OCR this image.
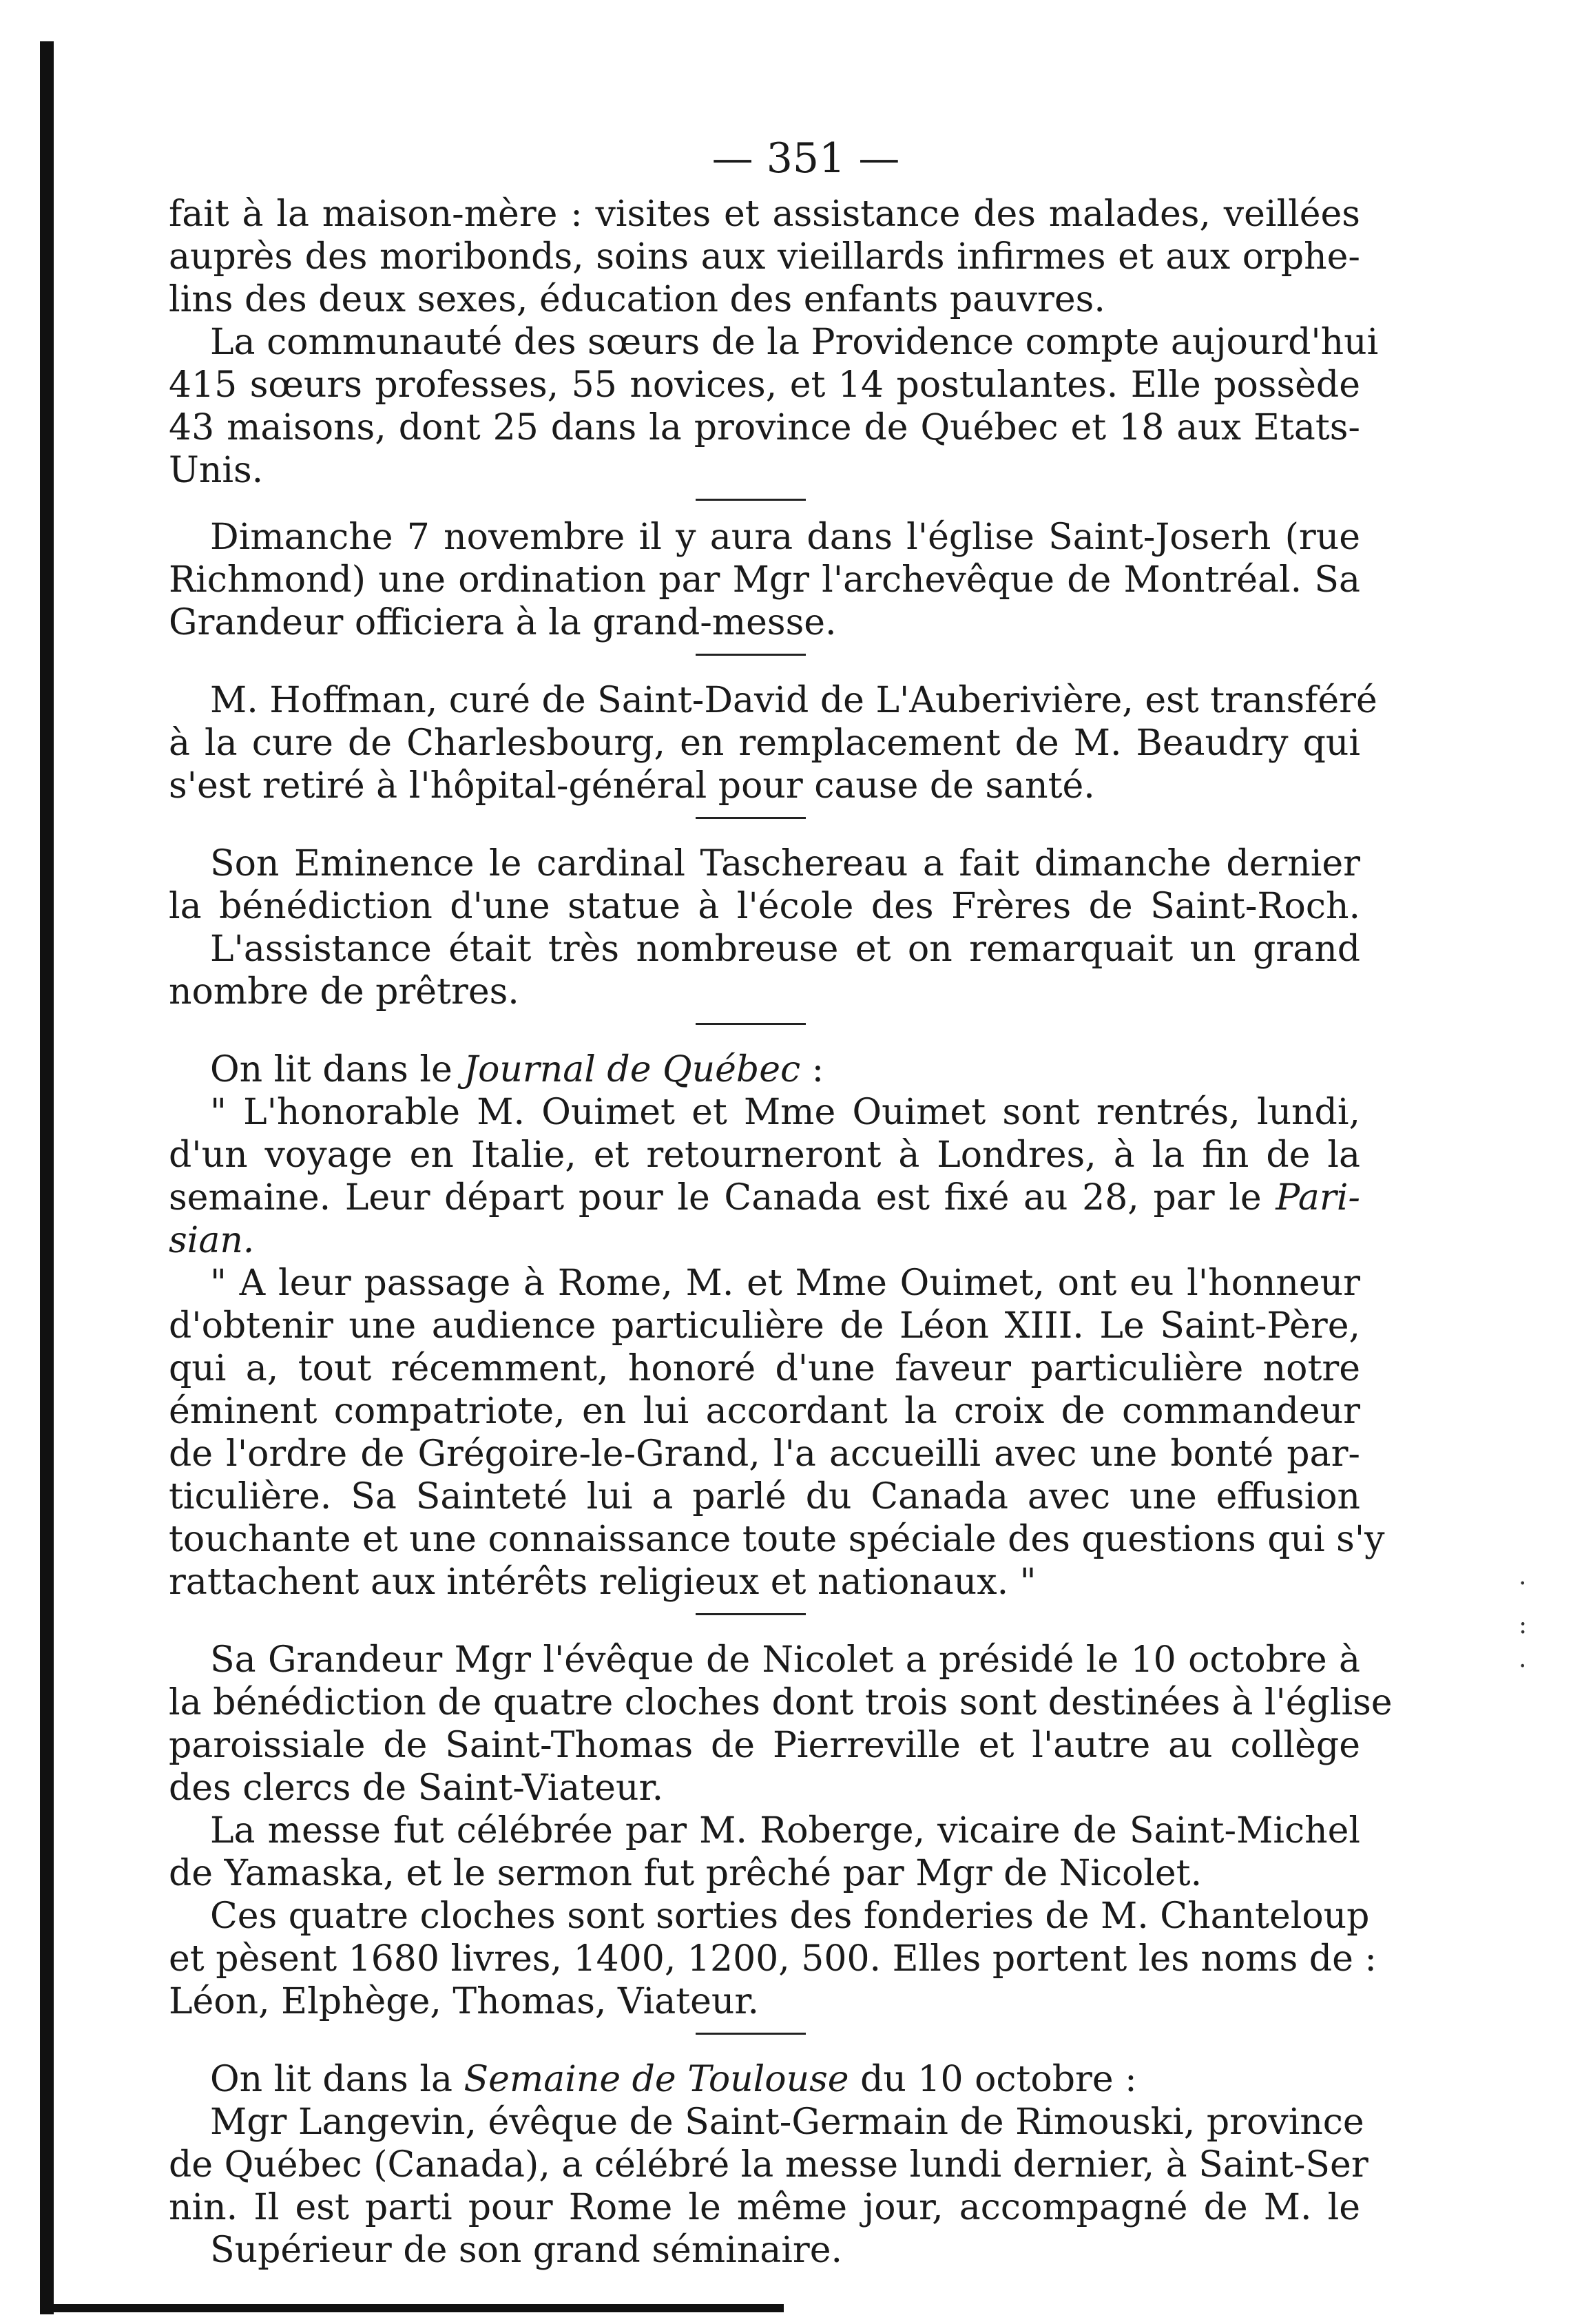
— 351 —
fait à la maison-mère : visites et assistance des malades, veillées
auprès des moribonds, soins aux vieillards infirmes et aux orphe-
lins des deux sexes, éducation des enfants pauvres.
La communauté des sœurs de la Providence compte aujourd'hui
415 sœurs professes, 55 novices, et 14 postulantes. Elle possède
43 maisons, dont 25 dans la province de Québec et 18 aux Etats-
Unis.
Dimanche 7 novembre il y aura dans l'église Saint-Joserh (rue
Richmond) une ordination par Mgr l'archevêque de Montréal. Sa
Grandeur officiera à la grand-messe.
M. Hoffman, curé de Saint-David de L'Auberivière, est transféré
à la cure de Charlesbourg, en remplacement de M. Beaudry qui
s'est retiré à l'hôpital-général pour cause de santé.
Son Eminence le cardinal Taschereau a fait dimanche dernier
la bénédiction d'une statue à l'école des Frères de Saint-Roch.
L'assistance était très nombreuse et on remarquait un grand
nombre de prêtres.
On lit dans le Journal de Québec :
" L'honorable M. Ouimet et Mme Ouimet sont rentrés, lundi,
d'un voyage en Italie, et retourneront à Londres, à la fin de la
semaine. Leur départ pour le Canada est fixé au 28, par le Pari-
sian.
" A leur passage à Rome, M. et Mme Ouimet, ont eu l'honneur
d'obtenir une audience particulière de Léon XIII. Le Saint-Père,
qui a, tout récemment, honoré d'une faveur particulière notre
éminent compatriote, en lui accordant la croix de commandeur
de l'ordre de Grégoire-le-Grand, l'a accueilli avec une bonté par-
ticulière. Sa Sainteté lui a parlé du Canada avec une effusion
touchante et une connaissance toute spéciale des questions qui s'y
rattachent aux intérêts religieux et nationaux. "
Sa Grandeur Mgr l'évêque de Nicolet a présidé le 10 octobre à
la bénédiction de quatre cloches dont trois sont destinées à l'église
paroissiale de Saint-Thomas de Pierreville et l'autre au collège
des clercs de Saint-Viateur.
La messe fut célébrée par M. Roberge, vicaire de Saint-Michel
de Yamaska, et le sermon fut prêché par Mgr de Nicolet.
Ces quatre cloches sont sorties des fonderies de M. Chanteloup
et pèsent 1680 livres, 1400, 1200, 500. Elles portent les noms de :
Léon, Elphège, Thomas, Viateur.
On lit dans la Semaine de Toulouse du 10 octobre :
Mgr Langevin, évêque de Saint-Germain de Rimouski, province
de Québec (Canada), a célébré la messe lundi dernier, à Saint-Ser
nin. Il est parti pour Rome le même jour, accompagné de M. le
Supérieur de son grand séminaire.
·
:
·
